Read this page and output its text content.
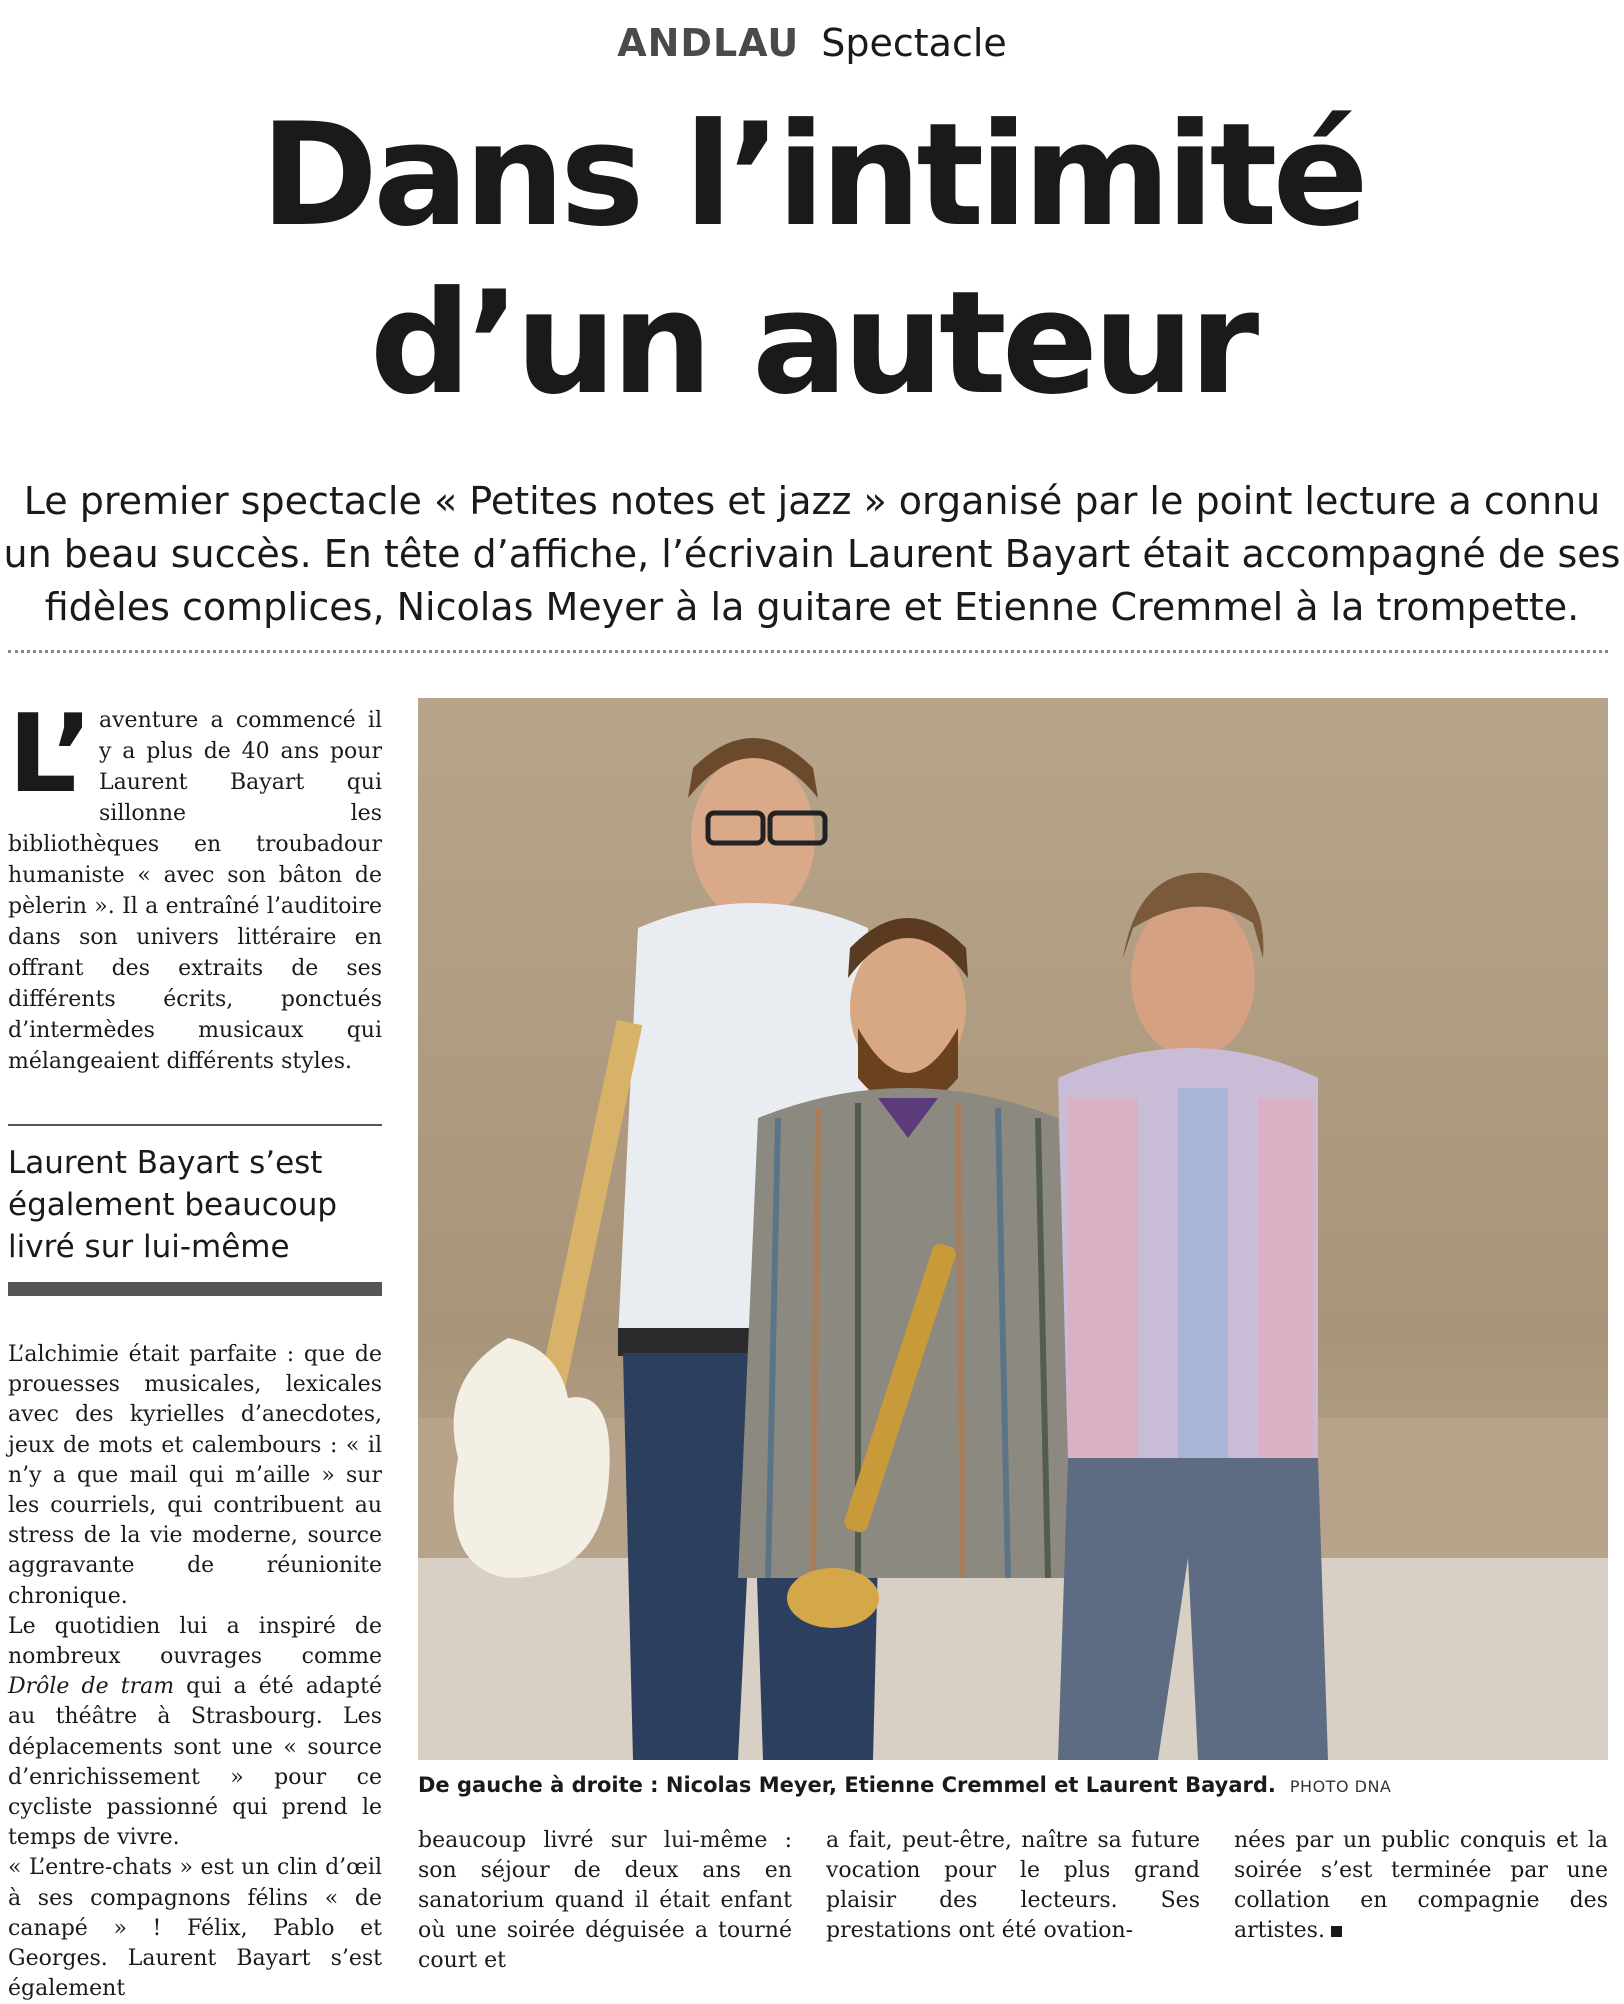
ANDLAU Spectacle
Dans l’intimité
d’un auteur
Le premier spectacle « Petites notes et jazz » organisé par le point lecture a connu
un beau succès. En tête d’affiche, l’écrivain Laurent Bayart était accompagné de ses
fidèles complices, Nicolas Meyer à la guitare et Etienne Cremmel à la trompette.
L’ aventure a commencé il y a plus de 40 ans pour Laurent Bayart qui sillonne les bibliothèques en troubadour humaniste « avec son bâton de pèlerin ». Il a entraîné l’auditoire dans son univers littéraire en offrant des extraits de ses différents écrits, ponctués d’intermèdes musicaux qui mélangeaient différents styles.

Laurent Bayart s’est également beaucoup livré sur lui-même

L’alchimie était parfaite : que de prouesses musicales, lexicales avec des kyrielles d’anecdotes, jeux de mots et calembours : « il n’y a que mail qui m’aille » sur les courriels, qui contribuent au stress de la vie moderne, source aggravante de réunionite chronique.

Le quotidien lui a inspiré de nombreux ouvrages comme Drôle de tram qui a été adapté au théâtre à Strasbourg. Les déplacements sont une « source d’enrichissement » pour ce cycliste passionné qui prend le temps de vivre.

« L’entre-chats » est un clin d’œil à ses compagnons félins « de canapé » ! Félix, Pablo et Georges. Laurent Bayart s’est également

De gauche à droite : Nicolas Meyer, Etienne Cremmel et Laurent Bayard. PHOTO DNA

beaucoup livré sur lui-même : son séjour de deux ans en sanatorium quand il était enfant où une soirée déguisée a tourné court et

a fait, peut-être, naître sa future vocation pour le plus grand plaisir des lecteurs. Ses prestations ont été ovation-

nées par un public conquis et la soirée s’est terminée par une collation en compagnie des artistes.
